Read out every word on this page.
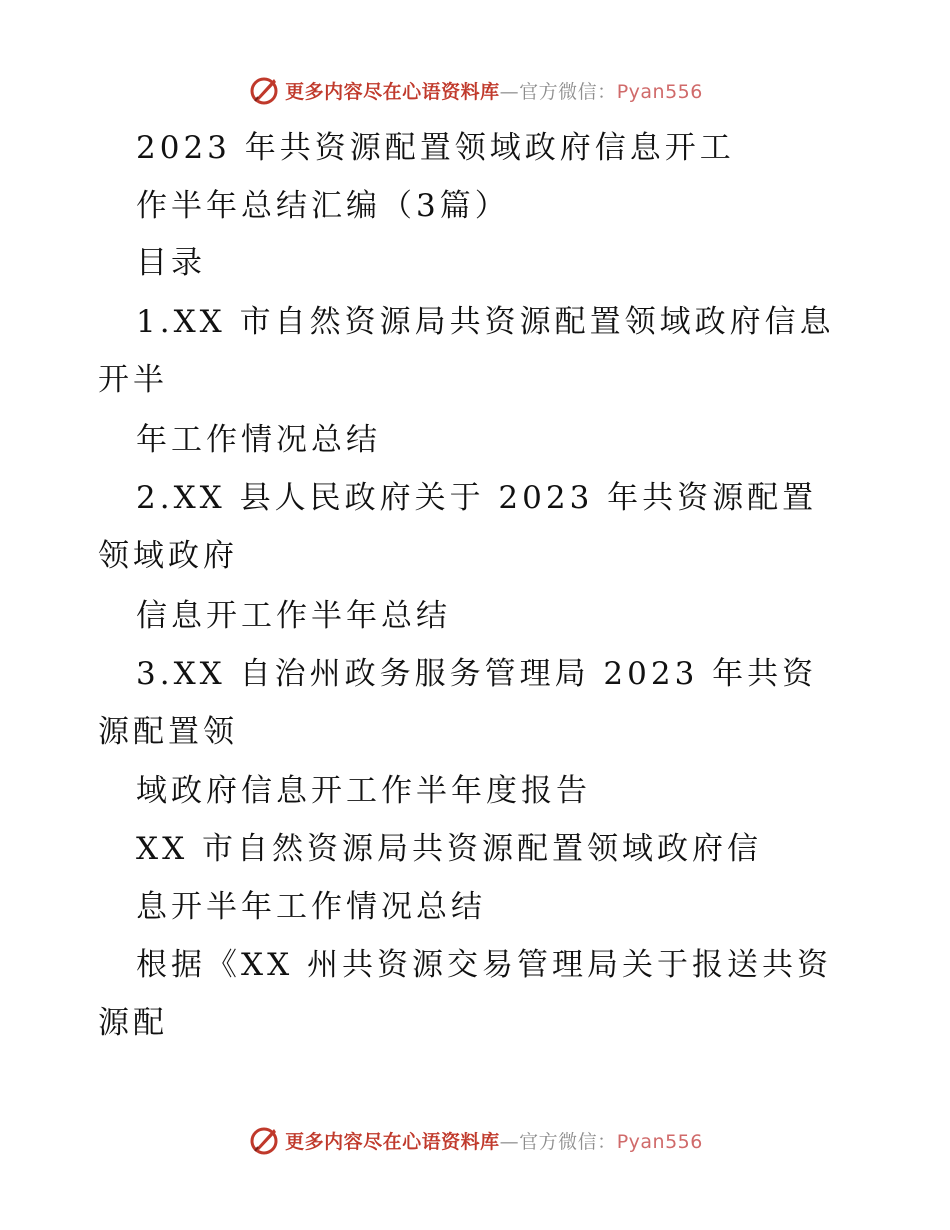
更多内容尽在心语资料库—官方微信：Pyan556
2023 年共资源配置领域政府信息开工
作半年总结汇编（3篇）
目录
1.XX 市自然资源局共资源配置领域政府信息
年工作情况总结
2.XX 县人民政府关于 2023 年共资源配置
信息开工作半年总结
3.XX 自治州政务服务管理局 2023 年共资
域政府信息开工作半年度报告
XX 市自然资源局共资源配置领域政府信
息开半年工作情况总结
根据《XX 州共资源交易管理局关于报送共资
开半
领域政府
源配置领
源配
更多内容尽在心语资料库—官方微信：Pyan556
